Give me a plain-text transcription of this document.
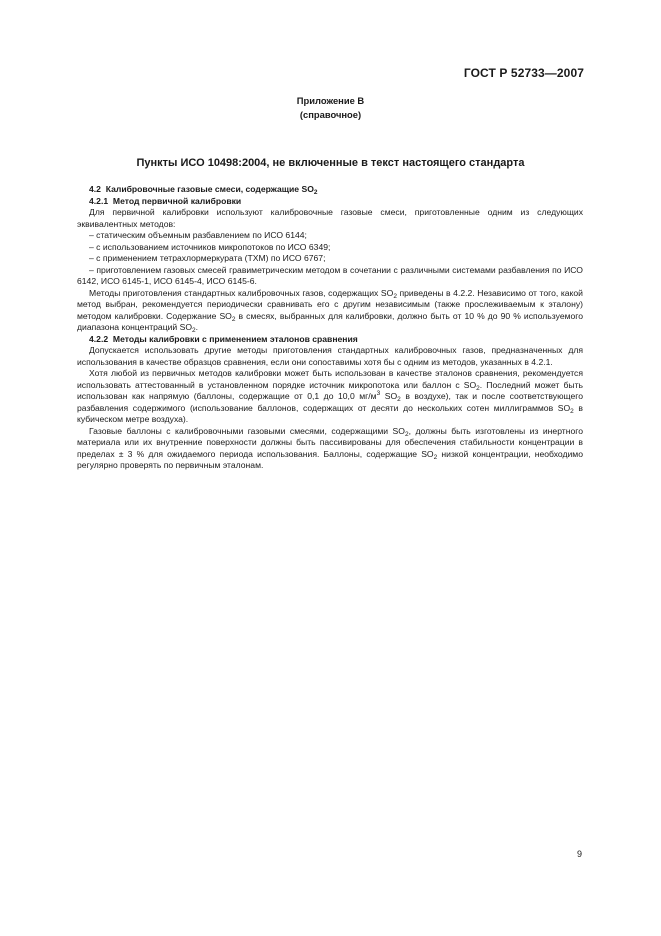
ГОСТ Р 52733—2007
Приложение В
(справочное)
Пункты ИСО 10498:2004, не включенные в текст настоящего стандарта

4.2 Калибровочные газовые смеси, содержащие $SO_2$

4.2.1 Метод первичной калибровки

Для первичной калибровки используют калибровочные газовые смеси, приготовленные одним из следующих эквивалентных методов:

– статическим объемным разбавлением по ИСО 6144;

– с использованием источников микропотоков по ИСО 6349;

– с применением тетрахлормеркурата (ТХМ) по ИСО 6767;

– приготовлением газовых смесей гравиметрическим методом в сочетании с различными системами разбавления по ИСО 6142, ИСО 6145-1, ИСО 6145-4, ИСО 6145-6.

Методы приготовления стандартных калибровочных газов, содержащих $SO_2$ приведены в 4.2.2. Независимо от того, какой метод выбран, рекомендуется периодически сравнивать его с другим независимым (также прослеживаемым к эталону) методом калибровки. Содержание $SO_2$ в смесях, выбранных для калибровки, должно быть от 10 % до 90 % используемого диапазона концентраций $SO_2$.

4.2.2 Методы калибровки с применением эталонов сравнения

Допускается использовать другие методы приготовления стандартных калибровочных газов, предназначенных для использования в качестве образцов сравнения, если они сопоставимы хотя бы с одним из методов, указанных в 4.2.1.

Хотя любой из первичных методов калибровки может быть использован в качестве эталонов сравнения, рекомендуется использовать аттестованный в установленном порядке источник микропотока или баллон с $SO_2$. Последний может быть использован как напрямую (баллоны, содержащие от 0,1 до 10,0 $мг/м^3$ $SO_2$ в воздухе), так и после соответствующего разбавления содержимого (использование баллонов, содержащих от десяти до нескольких сотен миллиграммов $SO_2$ в кубическом метре воздуха).

Газовые баллоны с калибровочными газовыми смесями, содержащими $SO_2$, должны быть изготовлены из инертного материала или их внутренние поверхности должны быть пассивированы для обеспечения стабильности концентрации в пределах ± 3 % для ожидаемого периода использования. Баллоны, содержащие $SO_2$ низкой концентрации, необходимо регулярно проверять по первичным эталонам.

9
